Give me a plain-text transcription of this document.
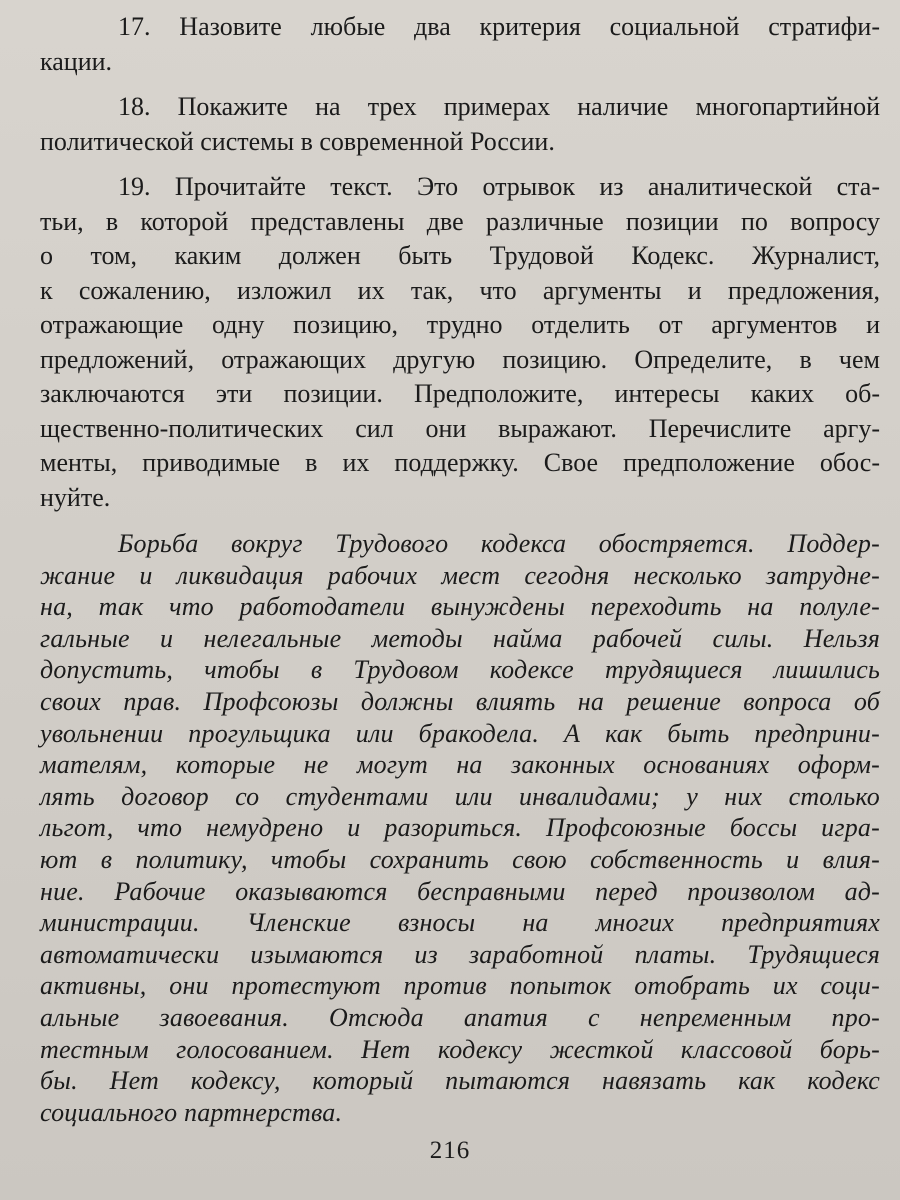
17. Назовите любые два критерия социальной стратифи-
кации.

18. Покажите на трех примерах наличие многопартийной
политической системы в современной России.

19. Прочитайте текст. Это отрывок из аналитической ста-
тьи, в которой представлены две различные позиции по вопросу
о том, каким должен быть Трудовой Кодекс. Журналист,
к сожалению, изложил их так, что аргументы и предложения,
отражающие одну позицию, трудно отделить от аргументов и
предложений, отражающих другую позицию. Определите, в чем
заключаются эти позиции. Предположите, интересы каких об-
щественно-политических сил они выражают. Перечислите аргу-
менты, приводимые в их поддержку. Свое предположение обос-
нуйте.

Борьба вокруг Трудового кодекса обостряется. Поддер-
жание и ликвидация рабочих мест сегодня несколько затрудне-
на, так что работодатели вынуждены переходить на полуле-
гальные и нелегальные методы найма рабочей силы. Нельзя
допустить, чтобы в Трудовом кодексе трудящиеся лишились
своих прав. Профсоюзы должны влиять на решение вопроса об
увольнении прогульщика или бракодела. А как быть предприни-
мателям, которые не могут на законных основаниях оформ-
лять договор со студентами или инвалидами; у них столько
льгот, что немудрено и разориться. Профсоюзные боссы игра-
ют в политику, чтобы сохранить свою собственность и влия-
ние. Рабочие оказываются бесправными перед произволом ад-
министрации. Членские взносы на многих предприятиях
автоматически изымаются из заработной платы. Трудящиеся
активны, они протестуют против попыток отобрать их соци-
альные завоевания. Отсюда апатия с непременным про-
тестным голосованием. Нет кодексу жесткой классовой борь-
бы. Нет кодексу, который пытаются навязать как кодекс
социального партнерства.

216
